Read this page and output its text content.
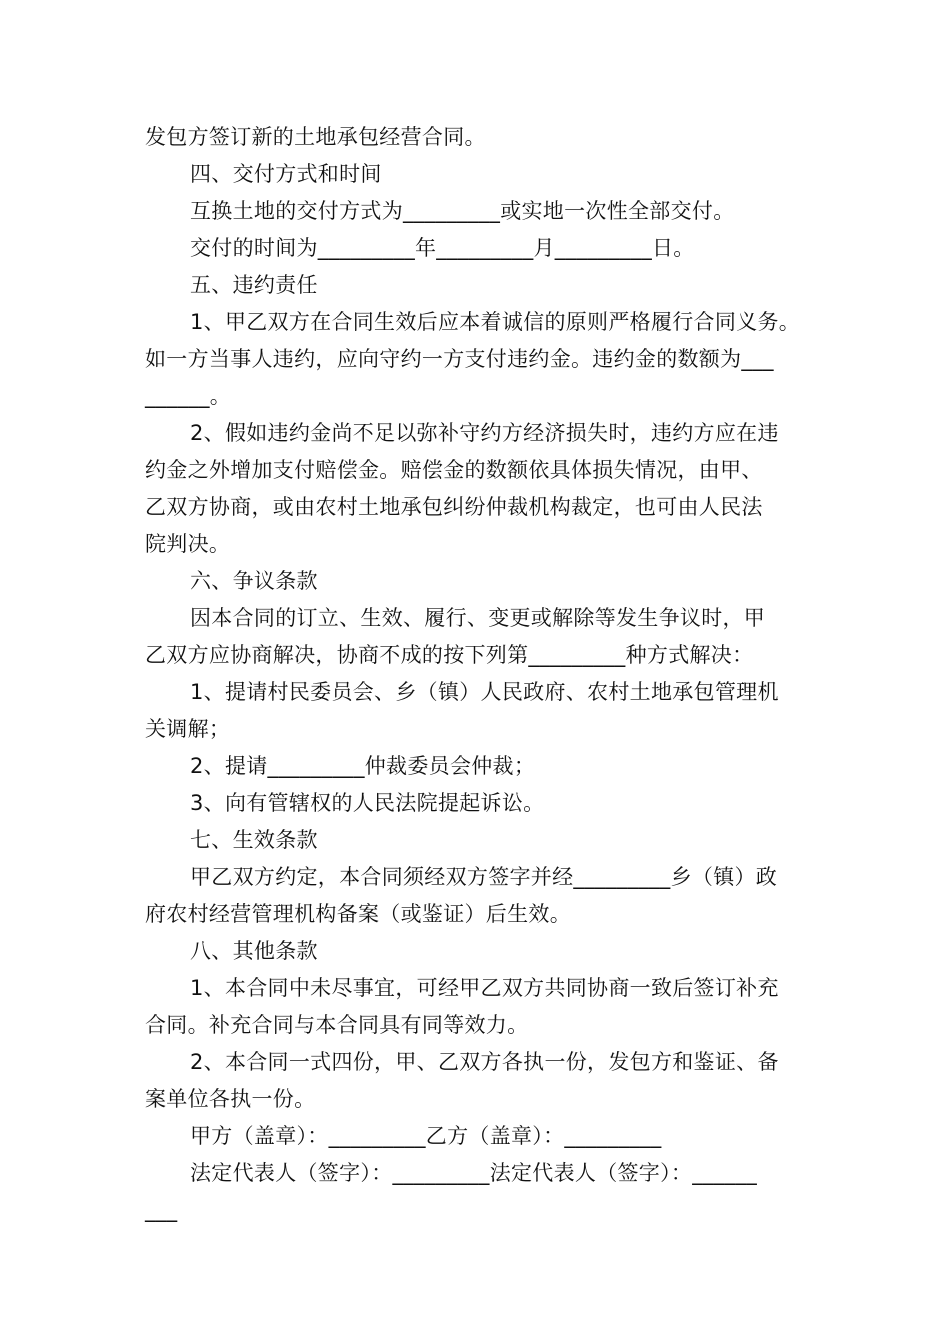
发包方签订新的土地承包经营合同。
四、交付方式和时间
互换土地的交付方式为_________或实地一次性全部交付。
交付的时间为_________年_________月_________日。
五、违约责任
1、甲乙双方在合同生效后应本着诚信的原则严格履行合同义务。
如一方当事人违约，应向守约一方支付违约金。违约金的数额为___
______。
2、假如违约金尚不足以弥补守约方经济损失时，违约方应在违
约金之外增加支付赔偿金。赔偿金的数额依具体损失情况，由甲、
乙双方协商，或由农村土地承包纠纷仲裁机构裁定，也可由人民法
院判决。
六、争议条款
因本合同的订立、生效、履行、变更或解除等发生争议时，甲
乙双方应协商解决，协商不成的按下列第_________种方式解决：
1、提请村民委员会、乡（镇）人民政府、农村土地承包管理机
关调解；
2、提请_________仲裁委员会仲裁；
3、向有管辖权的人民法院提起诉讼。
七、生效条款
甲乙双方约定，本合同须经双方签字并经_________乡（镇）政
府农村经营管理机构备案（或鉴证）后生效。
八、其他条款
1、本合同中未尽事宜，可经甲乙双方共同协商一致后签订补充
合同。补充合同与本合同具有同等效力。
2、本合同一式四份，甲、乙双方各执一份，发包方和鉴证、备
案单位各执一份。
甲方（盖章）：_________乙方（盖章）：_________
法定代表人（签字）：_________法定代表人（签字）：______
___
